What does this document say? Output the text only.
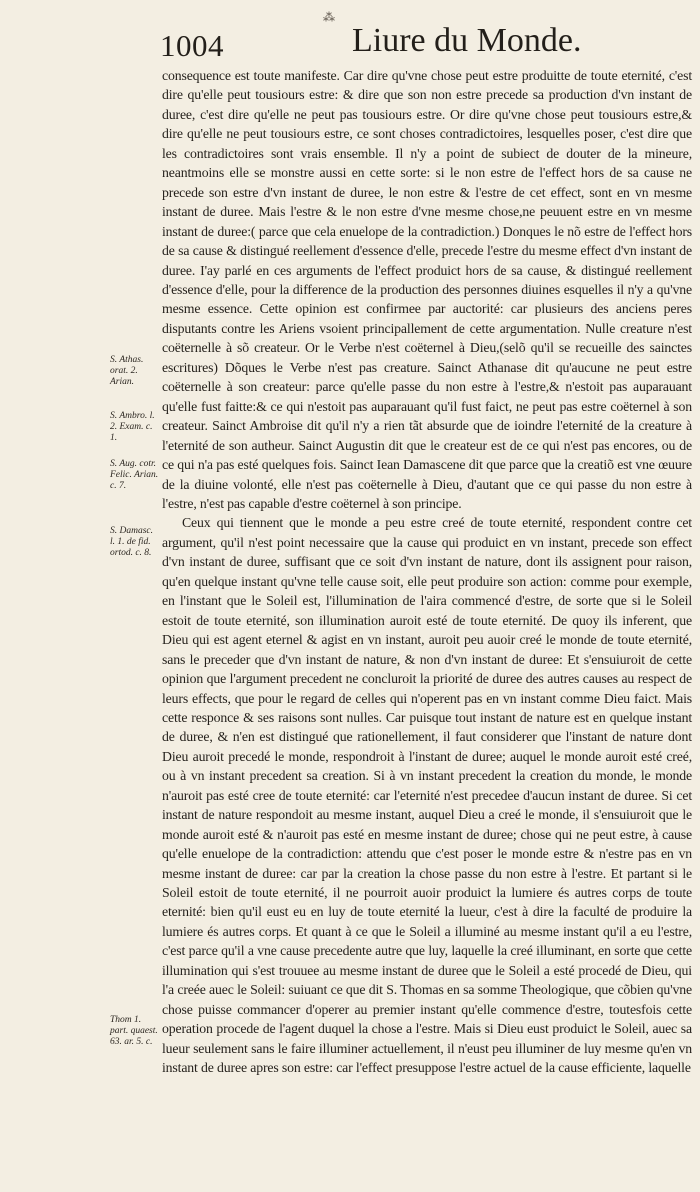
⁂
1004	Liure du Monde.
S. Athas. orat. 2. Arian.
S. Ambro. l. 2. Exam. c. 1.
S. Aug. cotr. Felic. Arian. c. 7.
S. Damasc. l. 1. de fid. ortod. c. 8.
Thom 1. part. quaest. 63. ar. 5. c.

consequence est toute manifeste. Car dire qu'vne chose peut estre produitte de toute eternité, c'est dire qu'elle peut tousiours estre: & dire que son non estre precede sa production d'vn instant de duree, c'est dire qu'elle ne peut pas tousiours estre. Or dire qu'vne chose peut tousiours estre,& dire qu'elle ne peut tousiours estre, ce sont choses contradictoires, lesquelles poser, c'est dire que les contradictoires sont vrais ensemble. Il n'y a point de subiect de douter de la mineure, neantmoins elle se monstre aussi en cette sorte: si le non estre de l'effect hors de sa cause ne precede son estre d'vn instant de duree, le non estre & l'estre de cet effect, sont en vn mesme instant de duree. Mais l'estre & le non estre d'vne mesme chose,ne peuuent estre en vn mesme instant de duree:( parce que cela enuelope de la contradiction.) Donques le nõ estre de l'effect hors de sa cause & distingué reellement d'essence d'elle, precede l'estre du mesme effect d'vn instant de duree. I'ay parlé en ces arguments de l'effect produict hors de sa cause, & distingué reellement d'essence d'elle, pour la difference de la production des personnes diuines esquelles il n'y a qu'vne mesme essence. Cette opinion est confirmee par auctorité: car plusieurs des anciens peres disputants contre les Ariens vsoient principallement de cette argumentation. Nulle creature n'est coëternelle à sõ createur. Or le Verbe n'est coëternel à Dieu,(selõ qu'il se recueille des sainctes escritures) Dõques le Verbe n'est pas creature. Sainct Athanase dit qu'aucune ne peut estre coëternelle à son createur: parce qu'elle passe du non estre à l'estre,& n'estoit pas auparauant qu'elle fust faitte:& ce qui n'estoit pas auparauant qu'il fust faict, ne peut pas estre coëternel à son createur. Sainct Ambroise dit qu'il n'y a rien tãt absurde que de ioindre l'eternité de la creature à l'eternité de son autheur. Sainct Augustin dit que le createur est de ce qui n'est pas encores, ou de ce qui n'a pas esté quelques fois. Sainct Iean Damascene dit que parce que la creatiõ est vne œuure de la diuine volonté, elle n'est pas coëternelle à Dieu, d'autant que ce qui passe du non estre à l'estre, n'est pas capable d'estre coëternel à son principe.

Ceux qui tiennent que le monde a peu estre creé de toute eternité, respondent contre cet argument, qu'il n'est point necessaire que la cause qui produict en vn instant, precede son effect d'vn instant de duree, suffisant que ce soit d'vn instant de nature, dont ils assignent pour raison, qu'en quelque instant qu'vne telle cause soit, elle peut produire son action: comme pour exemple, en l'instant que le Soleil est, l'illumination de l'aira commencé d'estre, de sorte que si le Soleil estoit de toute eternité, son illumination auroit esté de toute eternité. De quoy ils inferent, que Dieu qui est agent eternel & agist en vn instant, auroit peu auoir creé le monde de toute eternité, sans le preceder que d'vn instant de nature, & non d'vn instant de duree: Et s'ensuiuroit de cette opinion que l'argument precedent ne concluroit la priorité de duree des autres causes au respect de leurs effects, que pour le regard de celles qui n'operent pas en vn instant comme Dieu faict. Mais cette responce & ses raisons sont nulles. Car puisque tout instant de nature est en quelque instant de duree, & n'en est distingué que rationellement, il faut considerer que l'instant de nature dont Dieu auroit precedé le monde, respondroit à l'instant de duree; auquel le monde auroit esté creé, ou à vn instant precedent sa creation. Si à vn instant precedent la creation du monde, le monde n'auroit pas esté cree de toute eternité: car l'eternité n'est precedee d'aucun instant de duree. Si cet instant de nature respondoit au mesme instant, auquel Dieu a creé le monde, il s'ensuiuroit que le monde auroit esté & n'auroit pas esté en mesme instant de duree; chose qui ne peut estre, à cause qu'elle enuelope de la contradiction: attendu que c'est poser le monde estre & n'estre pas en vn mesme instant de duree: car par la creation la chose passe du non estre à l'estre. Et partant si le Soleil estoit de toute eternité, il ne pourroit auoir produict la lumiere és autres corps de toute eternité: bien qu'il eust eu en luy de toute eternité la lueur, c'est à dire la faculté de produire la lumiere és autres corps. Et quant à ce que le Soleil a illuminé au mesme instant qu'il a eu l'estre, c'est parce qu'il a vne cause precedente autre que luy, laquelle la creé illuminant, en sorte que cette illumination qui s'est trouuee au mesme instant de duree que le Soleil a esté procedé de Dieu, qui l'a creée auec le Soleil: suiuant ce que dit S. Thomas en sa somme Theologique, que cõbien qu'vne chose puisse commancer d'operer au premier instant qu'elle commence d'estre, toutesfois cette operation procede de l'agent duquel la chose a l'estre. Mais si Dieu eust produict le Soleil, auec sa lueur seulement sans le faire illuminer actuellement, il n'eust peu illuminer de luy mesme qu'en vn instant de duree apres son estre: car l'effect presuppose l'estre actuel de la cause efficiente, laquelle
